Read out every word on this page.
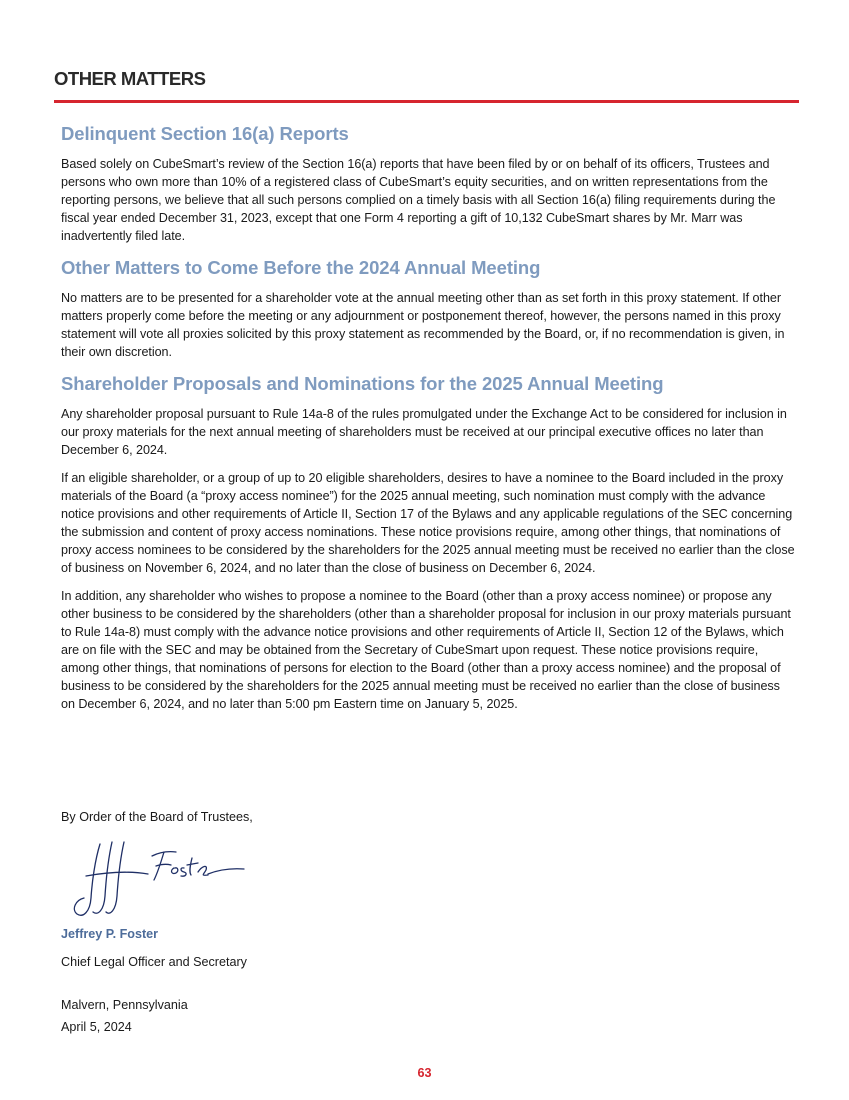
OTHER MATTERS
Delinquent Section 16(a) Reports

Based solely on CubeSmart’s review of the Section 16(a) reports that have been filed by or on behalf of its officers, Trustees and persons who own more than 10% of a registered class of CubeSmart’s equity securities, and on written representations from the reporting persons, we believe that all such persons complied on a timely basis with all Section 16(a) filing requirements during the fiscal year ended December 31, 2023, except that one Form 4 reporting a gift of 10,132 CubeSmart shares by Mr. Marr was inadvertently filed late.

Other Matters to Come Before the 2024 Annual Meeting

No matters are to be presented for a shareholder vote at the annual meeting other than as set forth in this proxy statement. If other matters properly come before the meeting or any adjournment or postponement thereof, however, the persons named in this proxy statement will vote all proxies solicited by this proxy statement as recommended by the Board, or, if no recommendation is given, in their own discretion.

Shareholder Proposals and Nominations for the 2025 Annual Meeting

Any shareholder proposal pursuant to Rule 14a-8 of the rules promulgated under the Exchange Act to be considered for inclusion in our proxy materials for the next annual meeting of shareholders must be received at our principal executive offices no later than December 6, 2024.

If an eligible shareholder, or a group of up to 20 eligible shareholders, desires to have a nominee to the Board included in the proxy materials of the Board (a “proxy access nominee”) for the 2025 annual meeting, such nomination must comply with the advance notice provisions and other requirements of Article II, Section 17 of the Bylaws and any applicable regulations of the SEC concerning the submission and content of proxy access nominations. These notice provisions require, among other things, that nominations of proxy access nominees to be considered by the shareholders for the 2025 annual meeting must be received no earlier than the close of business on November 6, 2024, and no later than the close of business on December 6, 2024.

In addition, any shareholder who wishes to propose a nominee to the Board (other than a proxy access nominee) or propose any other business to be considered by the shareholders (other than a shareholder proposal for inclusion in our proxy materials pursuant to Rule 14a-8) must comply with the advance notice provisions and other requirements of Article II, Section 12 of the Bylaws, which are on file with the SEC and may be obtained from the Secretary of CubeSmart upon request. These notice provisions require, among other things, that nominations of persons for election to the Board (other than a proxy access nominee) and the proposal of business to be considered by the shareholders for the 2025 annual meeting must be received no earlier than the close of business on December 6, 2024, and no later than 5:00 pm Eastern time on January 5, 2025.

By Order of the Board of Trustees,
Jeffrey P. Foster
Chief Legal Officer and Secretary
Malvern, Pennsylvania
April 5, 2024
63
